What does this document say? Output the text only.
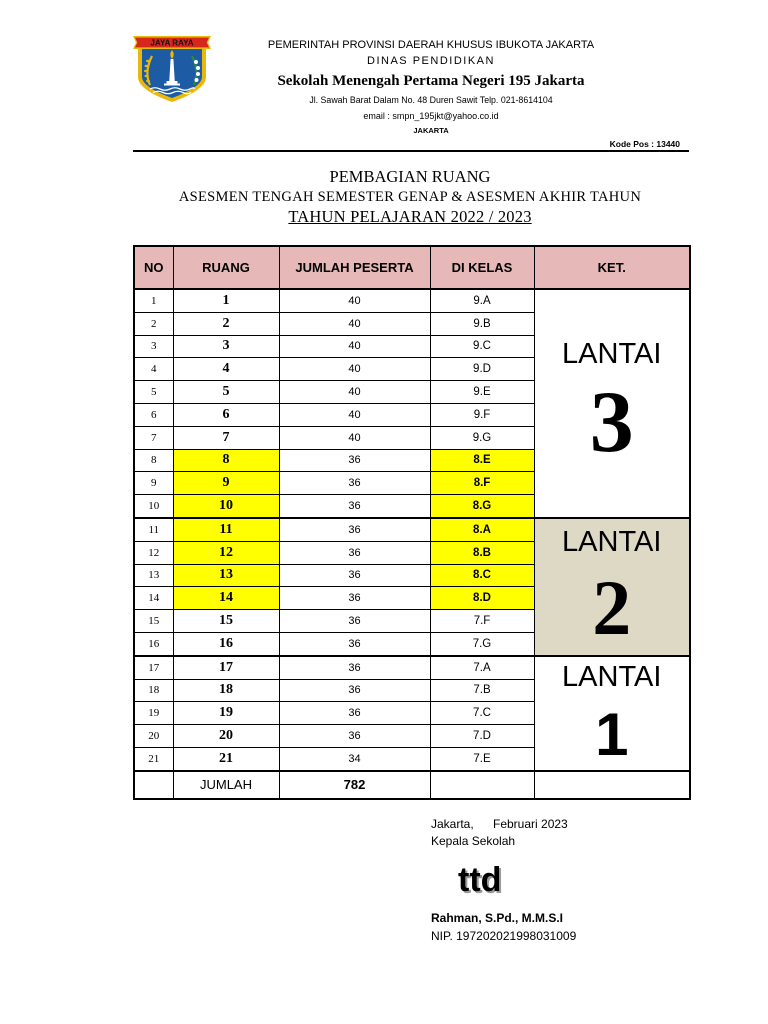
JAYA RAYA	PEMERINTAH PROVINSI DAERAH KHUSUS IBUKOTA JAKARTA
DINAS PENDIDIKAN
Sekolah Menengah Pertama Negeri 195 Jakarta
Jl. Sawah Barat Dalam No. 48 Duren Sawit Telp. 021-8614104
email : smpn_195jkt@yahoo.co.id
JAKARTA
Kode Pos : 13440
PEMBAGIAN RUANG
ASESMEN TENGAH SEMESTER GENAP & ASESMEN AKHIR TAHUN
TAHUN PELAJARAN 2022 / 2023
NO	RUANG	JUMLAH PESERTA	DI KELAS	KET.
1	1	40	9.A	LANTAI
3

2	2	40	9.B	
3	3	40	9.C	
4	4	40	9.D	
5	5	40	9.E	
6	6	40	9.F	
7	7	40	9.G	
8	8	36	8.E	
9	9	36	8.F	
10	10	36	8.G	
11	11	36	8.A	LANTAI
2

12	12	36	8.B	
13	13	36	8.C	
14	14	36	8.D	
15	15	36	7.F	
16	16	36	7.G	
17	17	36	7.A	LANTAI
1

18	18	36	7.B	
19	19	36	7.C	
20	20	36	7.D	
21	21	34	7.E	
	JUMLAH	782		
Jakarta, Februari 2023
Kepala Sekolah
ttd
Rahman, S.Pd., M.M.S.I
NIP. 197202021998031009
